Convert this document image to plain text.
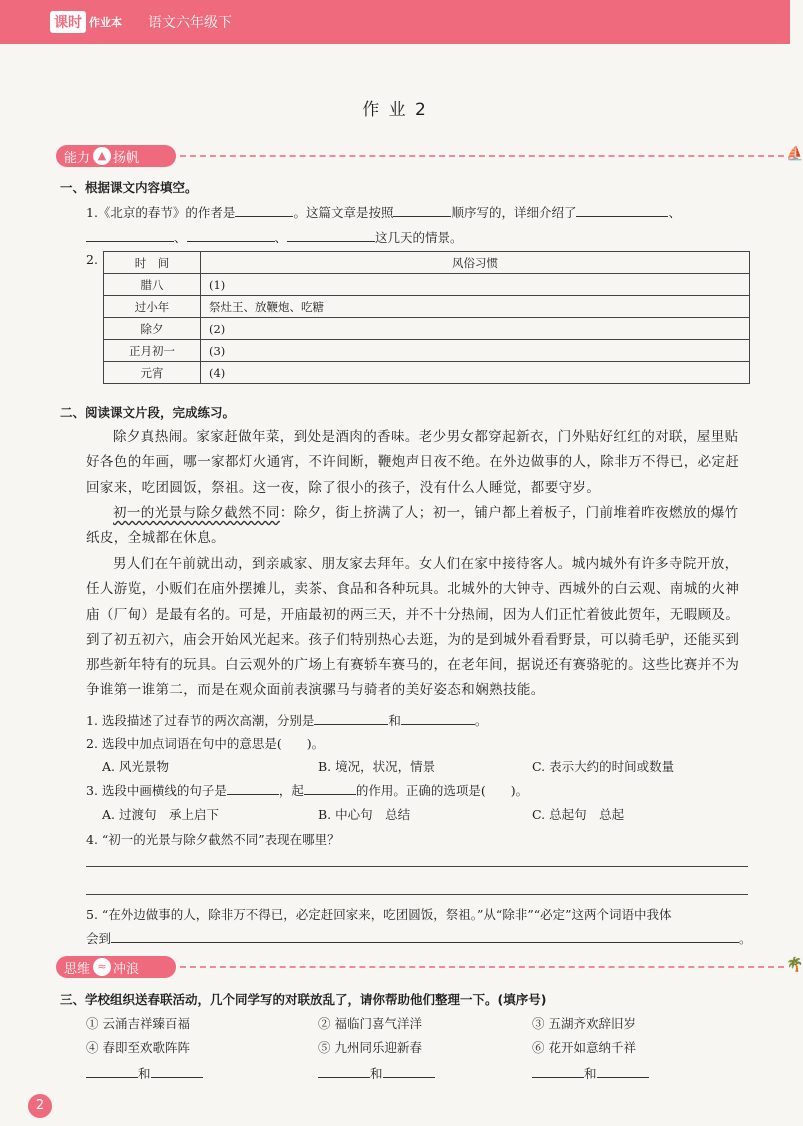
课时 作业本 语文六年级下
作 业 2
能力 ▲ 扬帆	⛵
一、根据课文内容填空。
1.《北京的春节》的作者是	。这篇文章是按照	顺序写的，详细介绍了	、
、	、	这几天的情景。
2.	时　间	风俗习惯
腊八	(1)
过小年	祭灶王、放鞭炮、吃糖
除夕	(2)
正月初一	(3)
元宵	(4)
二、阅读课文片段，完成练习。
除夕真热闹。家家赶做年菜，到处是酒肉的香味。老少男女都穿起新衣，门外贴好红红的对联，屋里贴好各色的年画，哪一家都灯火通宵，不许间断，鞭炮声日夜不绝。在外边做事的人，除非万不得已，必定赶回家来，吃团圆饭，祭祖。这一夜，除了很小的孩子，没有什么人睡觉，都要守岁。
初一的光景与除夕截然不同：除夕，街上挤满了人；初一，铺户都上着板子，门前堆着昨夜燃放的爆竹纸皮，全城都在休息。
男人们在午前就出动，到亲戚家、朋友家去拜年。女人们在家中接待客人。城内城外有许多寺院开放，任人游览，小贩们在庙外摆摊儿，卖茶、食品和各种玩具。北城外的大钟寺、西城外的白云观、南城的火神庙（厂甸）是最有名的。可是，开庙最初的两三天，并不十分热闹，因为人们正忙着彼此贺年，无暇顾及。到了初五初六，庙会开始风光起来。孩子们特别热心去逛，为的是到城外看看野景，可以骑毛驴，还能买到那些新年特有的玩具。白云观外的广场上有赛轿车赛马的，在老年间，据说还有赛骆驼的。这些比赛并不为争谁第一谁第二，而是在观众面前表演骡马与骑者的美好姿态和娴熟技能。
1. 选段描述了过春节的两次高潮，分别是	和	。
2. 选段中加点词语在句中的意思是(　　)。
A. 风光景物	B. 境况，状况，情景	C. 表示大约的时间或数量
3. 选段中画横线的句子是	，起	的作用。正确的选项是(　　)。
A. 过渡句　承上启下	B. 中心句　总结	C. 总起句　总起
4. “初一的光景与除夕截然不同”表现在哪里？
5. “在外边做事的人，除非万不得已，必定赶回家来，吃团圆饭，祭祖。”从“除非”“必定”这两个词语中我体
会到	。
思维 ≈ 冲浪	🌴
三、学校组织送春联活动，几个同学写的对联放乱了，请你帮助他们整理一下。(填序号)
① 云涌吉祥臻百福	② 福临门喜气洋洋	③ 五湖齐欢辞旧岁
④ 春即至欢歌阵阵	⑤ 九州同乐迎新春	⑥ 花开如意纳千祥
和	和	和
2
